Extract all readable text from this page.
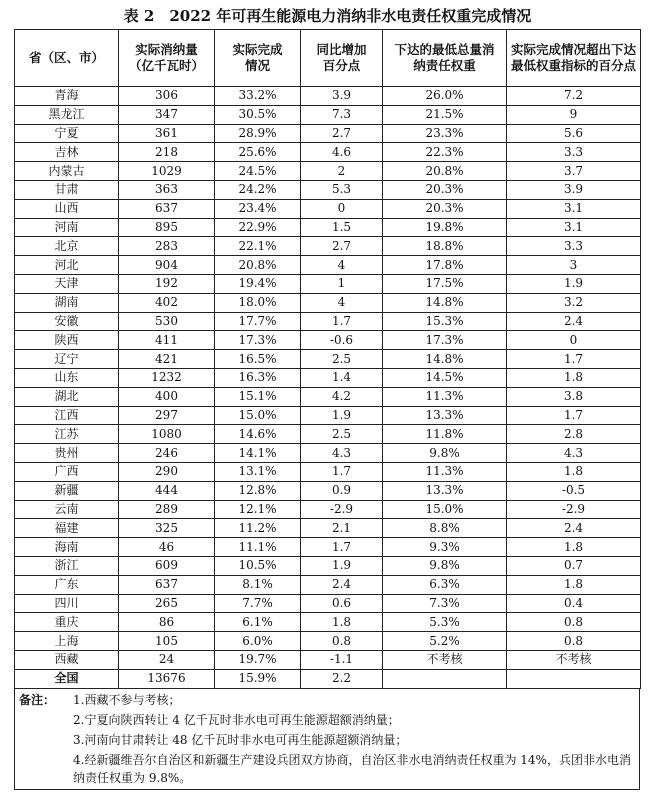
表 2　2022 年可再生能源电力消纳非水电责任权重完成情况
省（区、市）	实际消纳量（亿千瓦时）	实际完成情况	同比增加百分点	下达的最低总量消纳责任权重	实际完成情况超出下达最低权重指标的百分点
青海	306	33.2%	3.9	26.0%	7.2
黑龙江	347	30.5%	7.3	21.5%	9
宁夏	361	28.9%	2.7	23.3%	5.6
吉林	218	25.6%	4.6	22.3%	3.3
内蒙古	1029	24.5%	2	20.8%	3.7
甘肃	363	24.2%	5.3	20.3%	3.9
山西	637	23.4%	0	20.3%	3.1
河南	895	22.9%	1.5	19.8%	3.1
北京	283	22.1%	2.7	18.8%	3.3
河北	904	20.8%	4	17.8%	3
天津	192	19.4%	1	17.5%	1.9
湖南	402	18.0%	4	14.8%	3.2
安徽	530	17.7%	1.7	15.3%	2.4
陕西	411	17.3%	-0.6	17.3%	0
辽宁	421	16.5%	2.5	14.8%	1.7
山东	1232	16.3%	1.4	14.5%	1.8
湖北	400	15.1%	4.2	11.3%	3.8
江西	297	15.0%	1.9	13.3%	1.7
江苏	1080	14.6%	2.5	11.8%	2.8
贵州	246	14.1%	4.3	9.8%	4.3
广西	290	13.1%	1.7	11.3%	1.8
新疆	444	12.8%	0.9	13.3%	-0.5
云南	289	12.1%	-2.9	15.0%	-2.9
福建	325	11.2%	2.1	8.8%	2.4
海南	46	11.1%	1.7	9.3%	1.8
浙江	609	10.5%	1.9	9.8%	0.7
广东	637	8.1%	2.4	6.3%	1.8
四川	265	7.7%	0.6	7.3%	0.4
重庆	86	6.1%	1.8	5.3%	0.8
上海	105	6.0%	0.8	5.2%	0.8
西藏	24	19.7%	-1.1	不考核	不考核
全国	13676	15.9%	2.2		
备注： 1.西藏不参与考核；
2.宁夏向陕西转让 4 亿千瓦时非水电可再生能源超额消纳量；
3.河南向甘肃转让 48 亿千瓦时非水电可再生能源超额消纳量；
4.经新疆维吾尔自治区和新疆生产建设兵团双方协商，自治区非水电消纳责任权重为 14%，兵团非水电消纳责任权重为 9.8%。
